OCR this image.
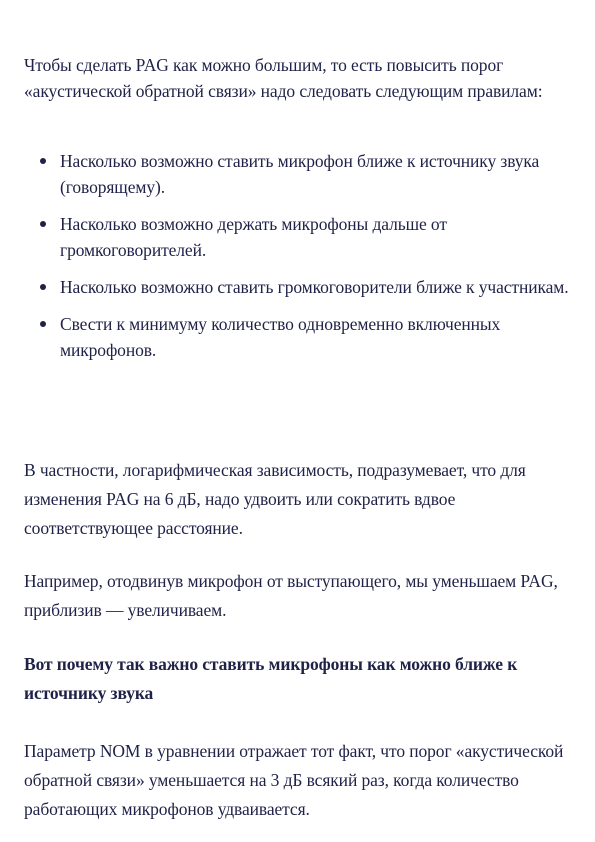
Чтобы сделать PAG как можно большим, то есть повысить порог «акустической обратной связи» надо следовать следующим правилам:

Насколько возможно ставить микрофон ближе к источнику звука (говорящему).
Насколько возможно держать микрофоны дальше от громкоговорителей.
Насколько возможно ставить громкоговорители ближе к участникам.
Свести к минимуму количество одновременно включенных микрофонов.

В частности, логарифмическая зависимость, подразумевает, что для изменения PAG на 6 дБ, надо удвоить или сократить вдвое соответствующее расстояние.

Например, отодвинув микрофон от выступающего, мы уменьшаем PAG, приблизив — увеличиваем.

Вот почему так важно ставить микрофоны как можно ближе к источнику звука

Параметр NOM в уравнении отражает тот факт, что порог «акустической обратной связи» уменьшается на 3 дБ всякий раз, когда количество работающих микрофонов удваивается.
